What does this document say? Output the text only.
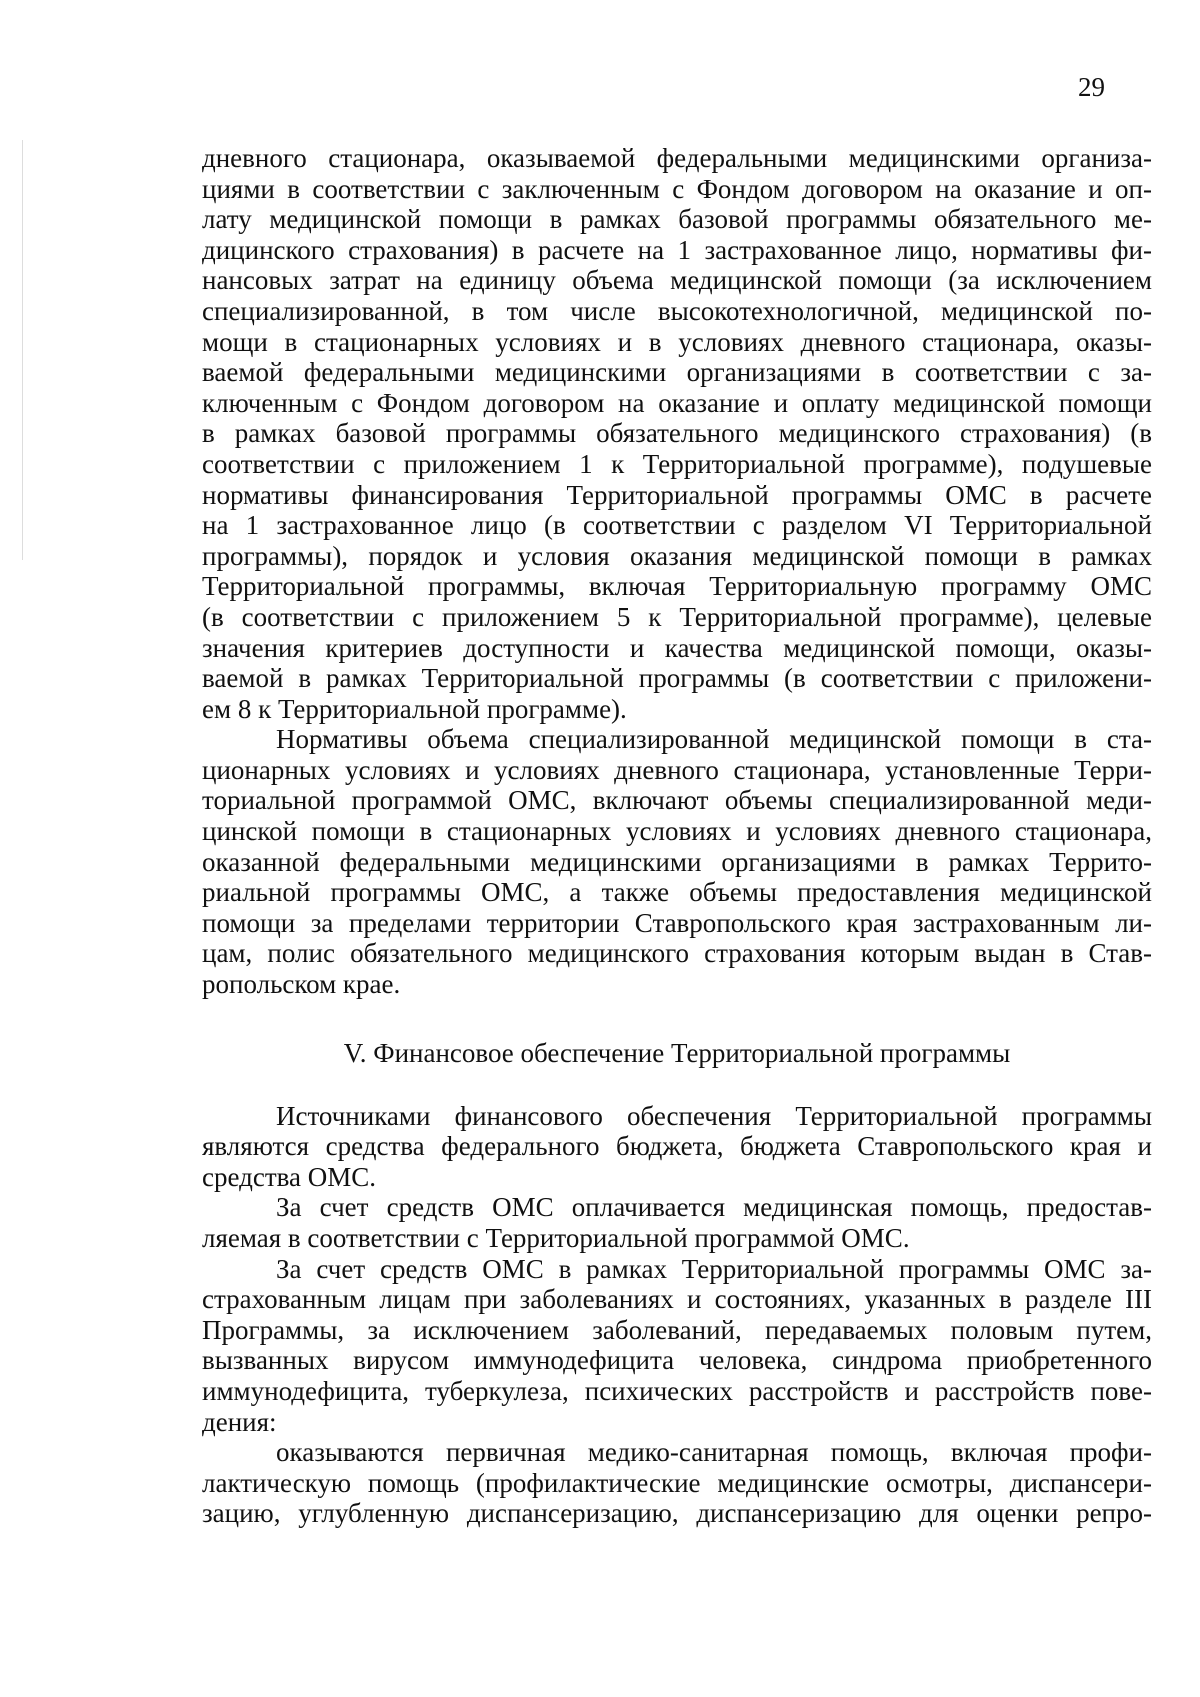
29
дневного стационара, оказываемой федеральными медицинскими организа-
циями в соответствии с заключенным с Фондом договором на оказание и оп-
лату медицинской помощи в рамках базовой программы обязательного ме-
дицинского страхования) в расчете на 1 застрахованное лицо, нормативы фи-
нансовых затрат на единицу объема медицинской помощи (за исключением
специализированной, в том числе высокотехнологичной, медицинской по-
мощи в стационарных условиях и в условиях дневного стационара, оказы-
ваемой федеральными медицинскими организациями в соответствии с за-
ключенным с Фондом договором на оказание и оплату медицинской помощи
в рамках базовой программы обязательного медицинского страхования) (в
соответствии с приложением 1 к Территориальной программе), подушевые
нормативы финансирования Территориальной программы ОМС в расчете
на 1 застрахованное лицо (в соответствии с разделом VI Территориальной
программы), порядок и условия оказания медицинской помощи в рамках
Территориальной программы, включая Территориальную программу ОМС
(в соответствии с приложением 5 к Территориальной программе), целевые
значения критериев доступности и качества медицинской помощи, оказы-
ваемой в рамках Территориальной программы (в соответствии с приложени-
ем 8 к Территориальной программе).
Нормативы объема специализированной медицинской помощи в ста-
ционарных условиях и условиях дневного стационара, установленные Терри-
ториальной программой ОМС, включают объемы специализированной меди-
цинской помощи в стационарных условиях и условиях дневного стационара,
оказанной федеральными медицинскими организациями в рамках Террито-
риальной программы ОМС, а также объемы предоставления медицинской
помощи за пределами территории Ставропольского края застрахованным ли-
цам, полис обязательного медицинского страхования которым выдан в Став-
ропольском крае.
V. Финансовое обеспечение Территориальной программы
Источниками финансового обеспечения Территориальной программы
являются средства федерального бюджета, бюджета Ставропольского края и
средства ОМС.
За счет средств ОМС оплачивается медицинская помощь, предостав-
ляемая в соответствии с Территориальной программой ОМС.
За счет средств ОМС в рамках Территориальной программы ОМС за-
страхованным лицам при заболеваниях и состояниях, указанных в разделе III
Программы, за исключением заболеваний, передаваемых половым путем,
вызванных вирусом иммунодефицита человека, синдрома приобретенного
иммунодефицита, туберкулеза, психических расстройств и расстройств пове-
дения:
оказываются первичная медико-санитарная помощь, включая профи-
лактическую помощь (профилактические медицинские осмотры, диспансери-
зацию, углубленную диспансеризацию, диспансеризацию для оценки репро-
